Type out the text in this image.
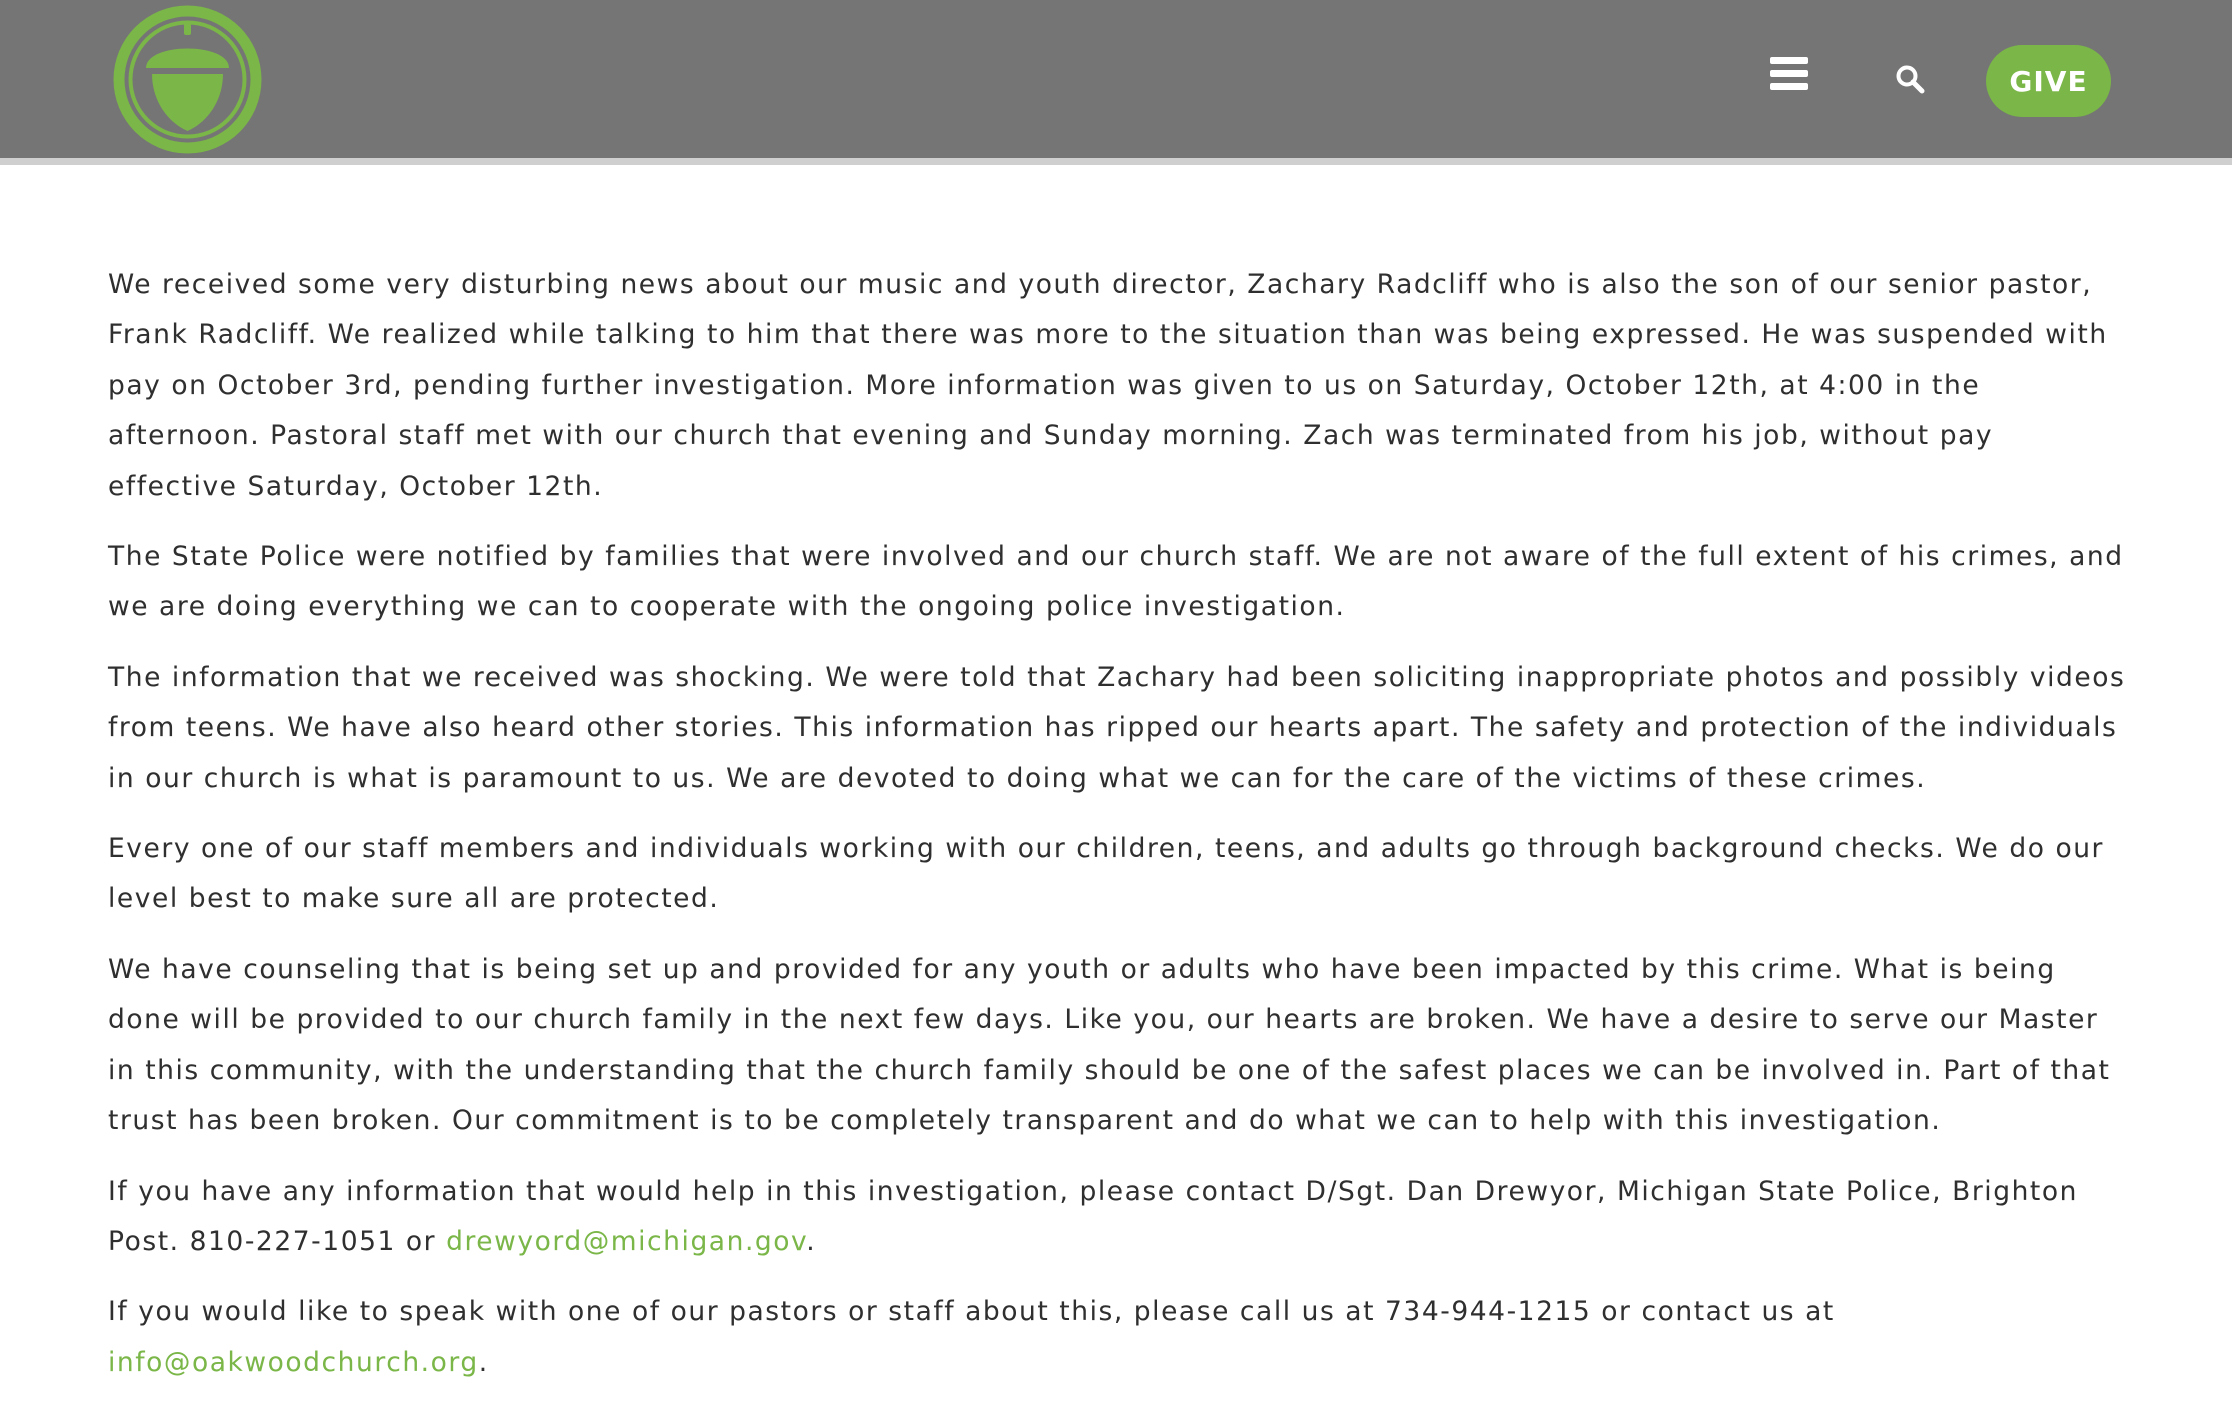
GIVE

We received some very disturbing news about our music and youth director, Zachary Radcliff who is also the son of our senior pastor, Frank Radcliff. We realized while talking to him that there was more to the situation than was being expressed. He was suspended with pay on October 3rd, pending further investigation. More information was given to us on Saturday, October 12th, at 4:00 in the afternoon. Pastoral staff met with our church that evening and Sunday morning. Zach was terminated from his job, without pay effective Saturday, October 12th.

The State Police were notified by families that were involved and our church staff. We are not aware of the full extent of his crimes, and we are doing everything we can to cooperate with the ongoing police investigation.

The information that we received was shocking. We were told that Zachary had been soliciting inappropriate photos and possibly videos from teens. We have also heard other stories. This information has ripped our hearts apart. The safety and protection of the individuals in our church is what is paramount to us. We are devoted to doing what we can for the care of the victims of these crimes.

Every one of our staff members and individuals working with our children, teens, and adults go through background checks. We do our level best to make sure all are protected.

We have counseling that is being set up and provided for any youth or adults who have been impacted by this crime. What is being done will be provided to our church family in the next few days. Like you, our hearts are broken. We have a desire to serve our Master in this community, with the understanding that the church family should be one of the safest places we can be involved in. Part of that trust has been broken. Our commitment is to be completely transparent and do what we can to help with this investigation.

If you have any information that would help in this investigation, please contact D/Sgt. Dan Drewyor, Michigan State Police, Brighton Post. 810-227-1051 or drewyord@michigan.gov.

If you would like to speak with one of our pastors or staff about this, please call us at 734-944-1215 or contact us at info@oakwoodchurch.org.
